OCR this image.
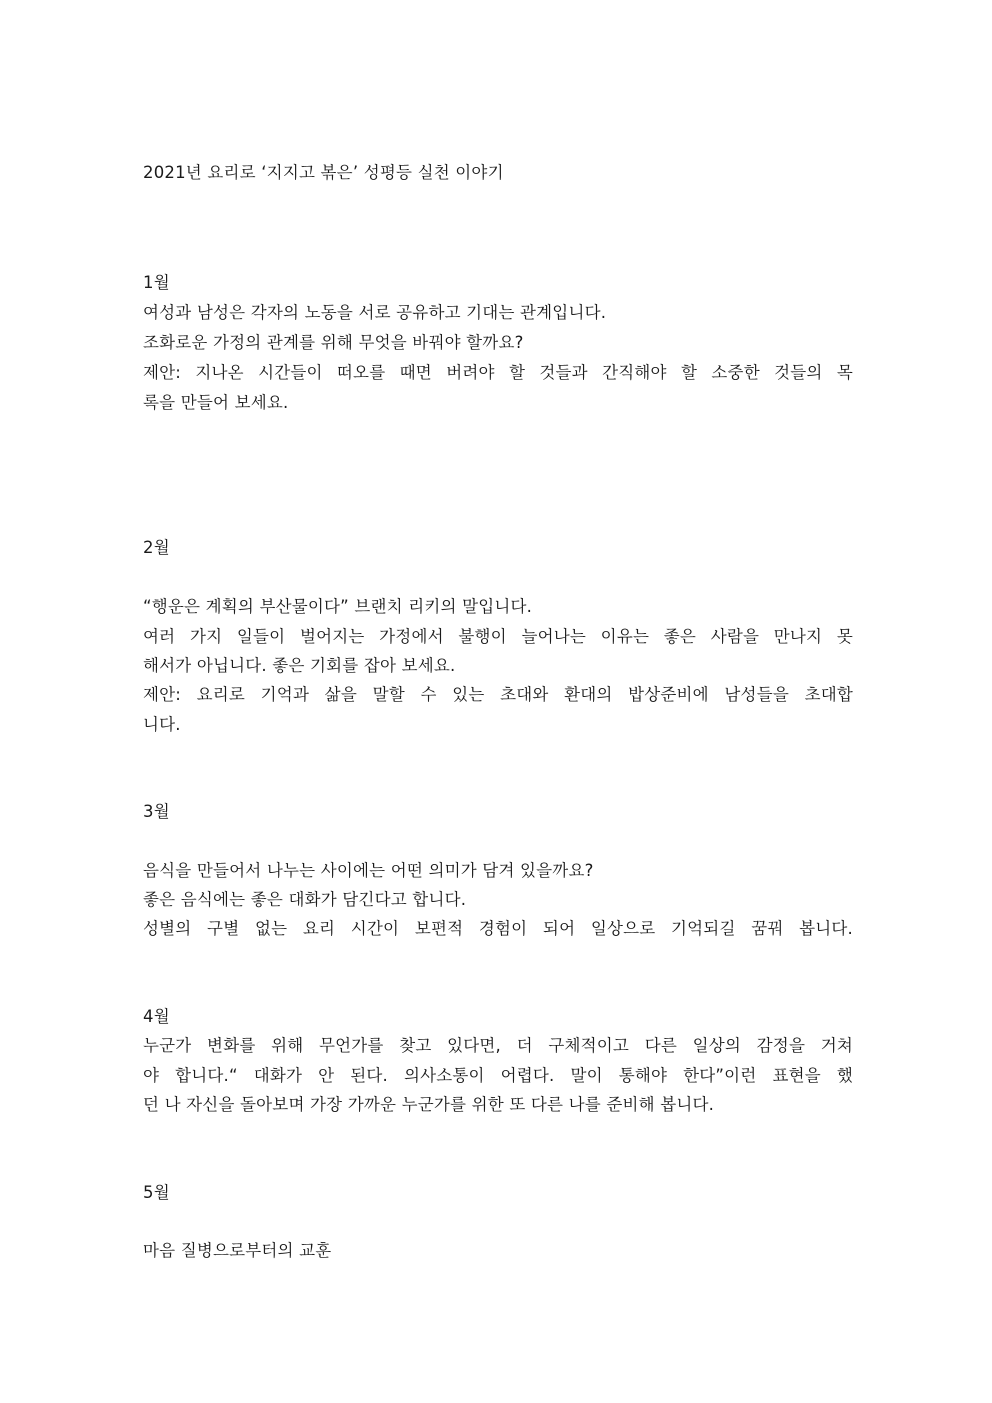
2021년 요리로 ‘지지고 볶은’ 성평등 실천 이야기
1월
여성과 남성은 각자의 노동을 서로 공유하고 기대는 관계입니다.
조화로운 가정의 관계를 위해 무엇을 바꿔야 할까요?
제안: 지나온 시간들이 떠오를 때면 버려야 할 것들과 간직해야 할 소중한 것들의 목
록을 만들어 보세요.
2월
“행운은 계획의 부산물이다” 브랜치 리키의 말입니다.
여러 가지 일들이 벌어지는 가정에서 불행이 늘어나는 이유는 좋은 사람을 만나지 못
해서가 아닙니다. 좋은 기회를 잡아 보세요.
제안: 요리로 기억과 삶을 말할 수 있는 초대와 환대의 밥상준비에 남성들을 초대합
니다.
3월
음식을 만들어서 나누는 사이에는 어떤 의미가 담겨 있을까요?
좋은 음식에는 좋은 대화가 담긴다고 합니다.
성별의 구별 없는 요리 시간이 보편적 경험이 되어 일상으로 기억되길 꿈꿔 봅니다.
4월
누군가 변화를 위해 무언가를 찾고 있다면, 더 구체적이고 다른 일상의 감정을 거쳐
야 합니다.“ 대화가 안 된다. 의사소통이 어렵다. 말이 통해야 한다”이런 표현을 했
던 나 자신을 돌아보며 가장 가까운 누군가를 위한 또 다른 나를 준비해 봅니다.
5월
마음 질병으로부터의 교훈
